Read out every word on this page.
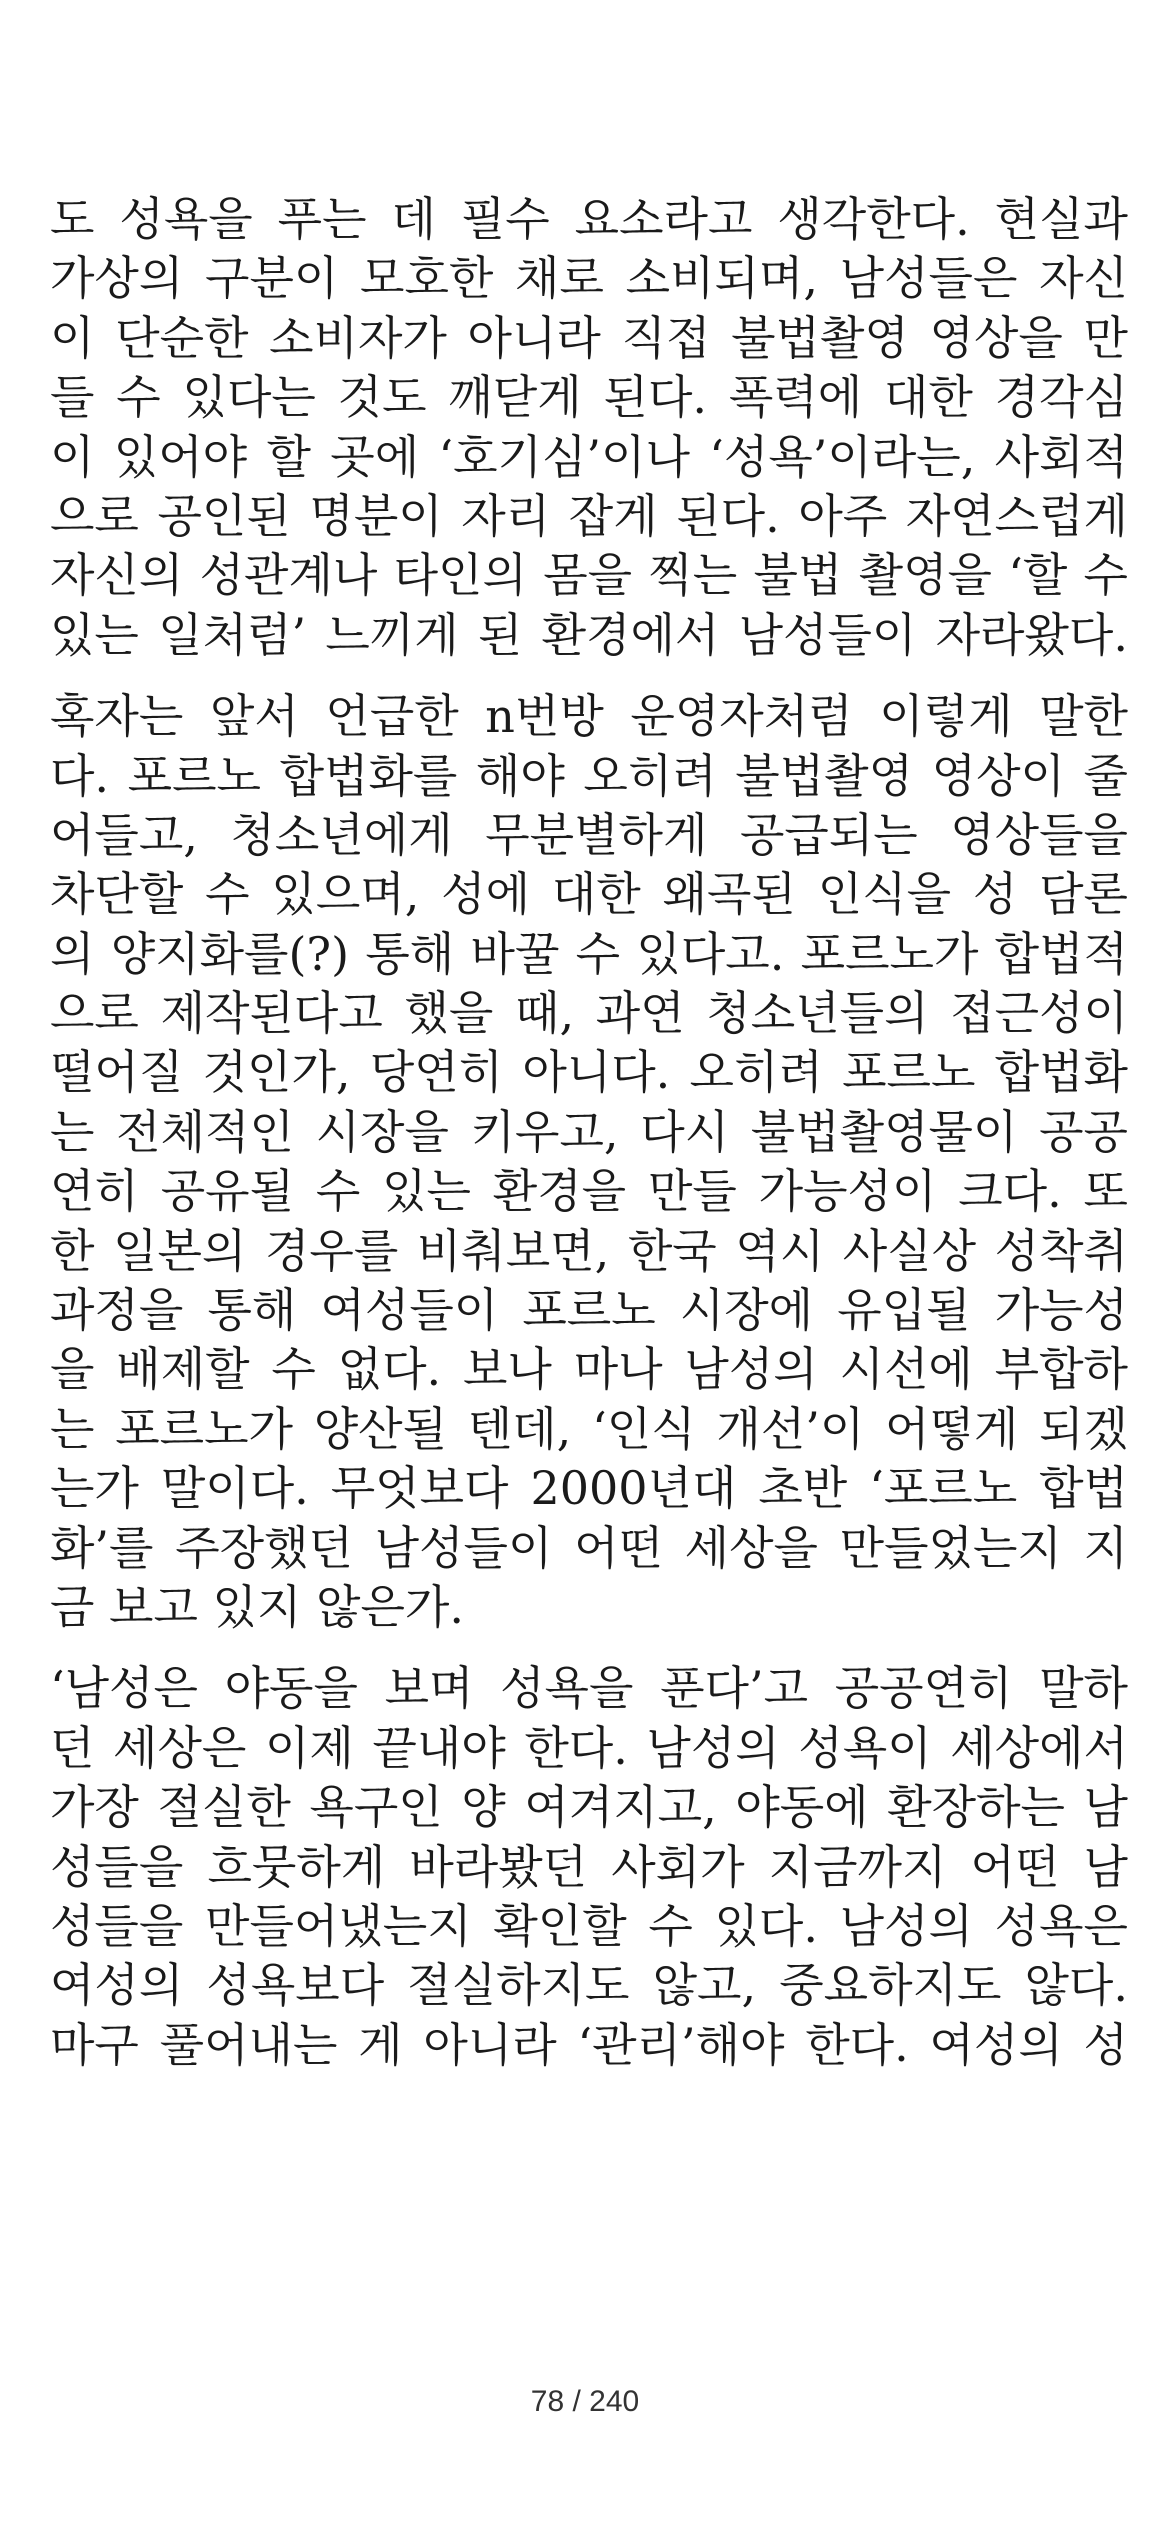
도 성욕을 푸는 데 필수 요소라고 생각한다. 현실과
가상의 구분이 모호한 채로 소비되며, 남성들은 자신
이 단순한 소비자가 아니라 직접 불법촬영 영상을 만
들 수 있다는 것도 깨닫게 된다. 폭력에 대한 경각심
이 있어야 할 곳에 ‘호기심’이나 ‘성욕’이라는, 사회적
으로 공인된 명분이 자리 잡게 된다. 아주 자연스럽게
자신의 성관계나 타인의 몸을 찍는 불법 촬영을 ‘할 수
있는 일처럼’ 느끼게 된 환경에서 남성들이 자라왔다.
혹자는 앞서 언급한 n번방 운영자처럼 이렇게 말한
다. 포르노 합법화를 해야 오히려 불법촬영 영상이 줄
어들고, 청소년에게 무분별하게 공급되는 영상들을
차단할 수 있으며, 성에 대한 왜곡된 인식을 성 담론
의 양지화를(?) 통해 바꿀 수 있다고. 포르노가 합법적
으로 제작된다고 했을 때, 과연 청소년들의 접근성이
떨어질 것인가, 당연히 아니다. 오히려 포르노 합법화
는 전체적인 시장을 키우고, 다시 불법촬영물이 공공
연히 공유될 수 있는 환경을 만들 가능성이 크다. 또
한 일본의 경우를 비춰보면, 한국 역시 사실상 성착취
과정을 통해 여성들이 포르노 시장에 유입될 가능성
을 배제할 수 없다. 보나 마나 남성의 시선에 부합하
는 포르노가 양산될 텐데, ‘인식 개선’이 어떻게 되겠
는가 말이다. 무엇보다 2000년대 초반 ‘포르노 합법
화’를 주장했던 남성들이 어떤 세상을 만들었는지 지
금 보고 있지 않은가.
‘남성은 야동을 보며 성욕을 푼다’고 공공연히 말하
던 세상은 이제 끝내야 한다. 남성의 성욕이 세상에서
가장 절실한 욕구인 양 여겨지고, 야동에 환장하는 남
성들을 흐뭇하게 바라봤던 사회가 지금까지 어떤 남
성들을 만들어냈는지 확인할 수 있다. 남성의 성욕은
여성의 성욕보다 절실하지도 않고, 중요하지도 않다.
마구 풀어내는 게 아니라 ‘관리’해야 한다. 여성의 성
78 / 240
